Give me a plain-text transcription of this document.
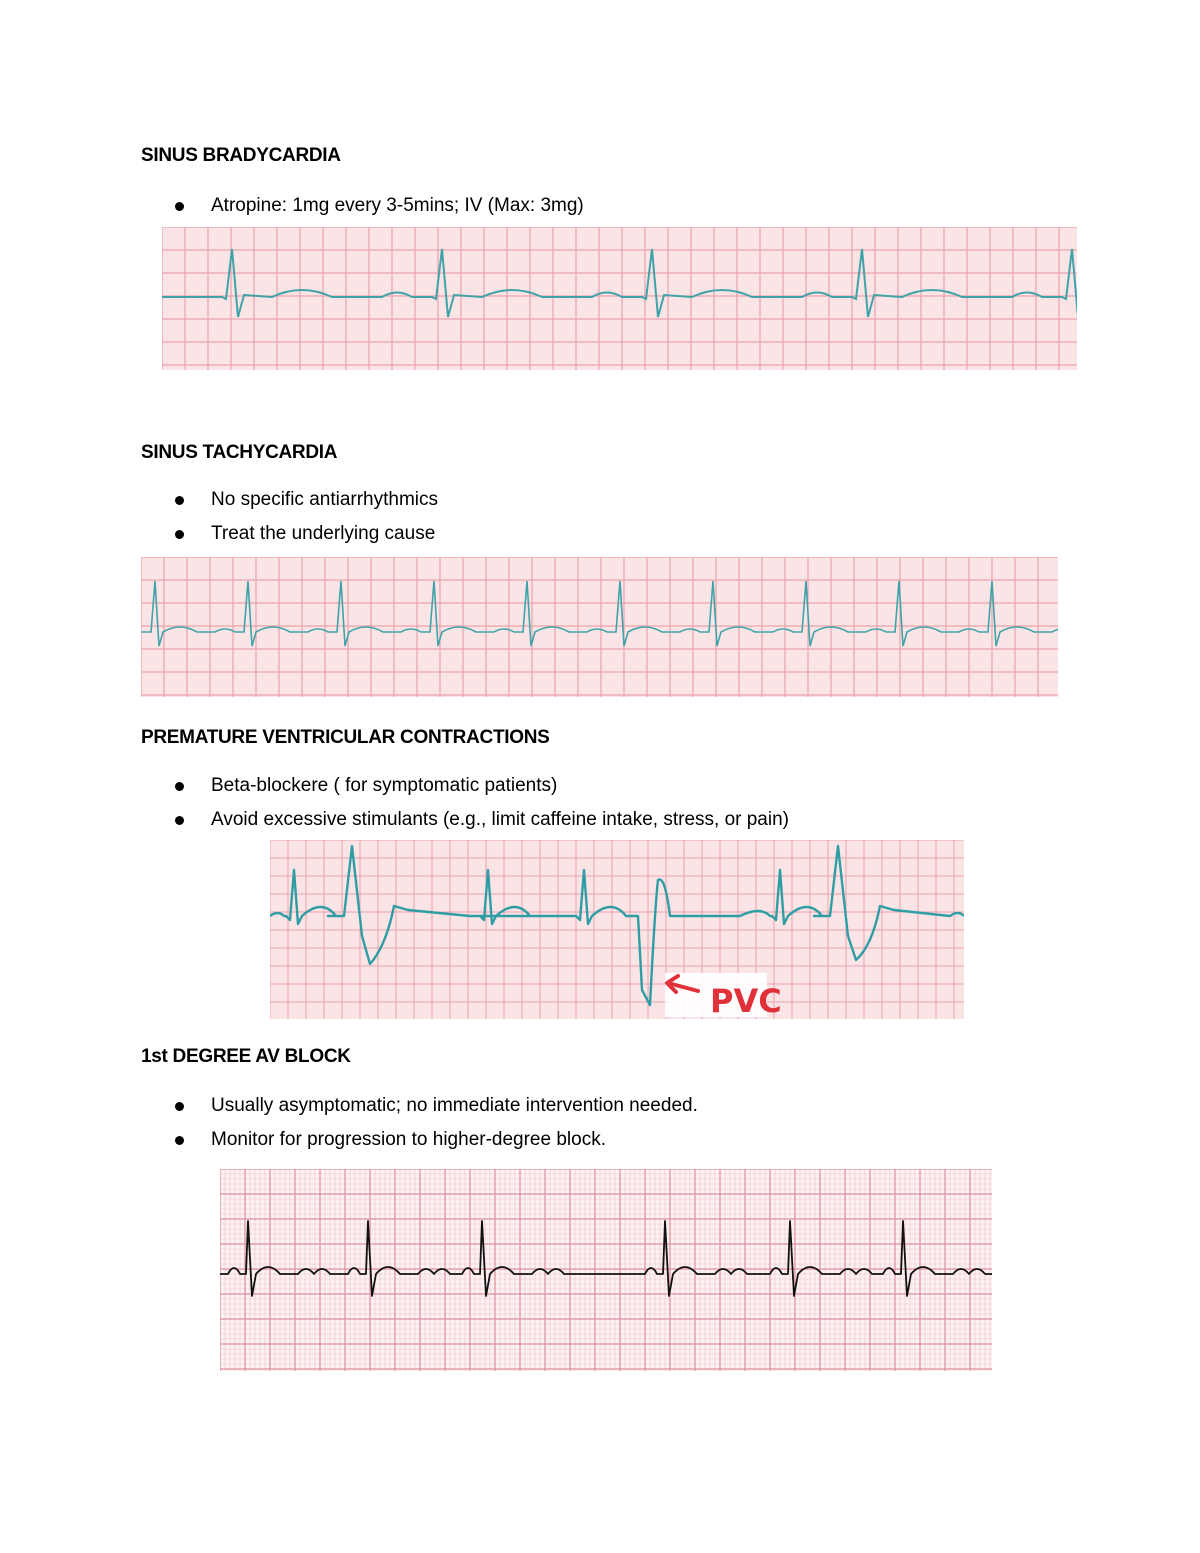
SINUS BRADYCARDIA
Atropine: 1mg every 3-5mins; IV (Max: 3mg)
SINUS TACHYCARDIA
No specific antiarrhythmics
Treat the underlying cause
PREMATURE VENTRICULAR CONTRACTIONS
Beta-blockere ( for symptomatic patients)
Avoid excessive stimulants (e.g., limit caffeine intake, stress, or pain)
PVC
1st DEGREE AV BLOCK
Usually asymptomatic; no immediate intervention needed.
Monitor for progression to higher-degree block.
